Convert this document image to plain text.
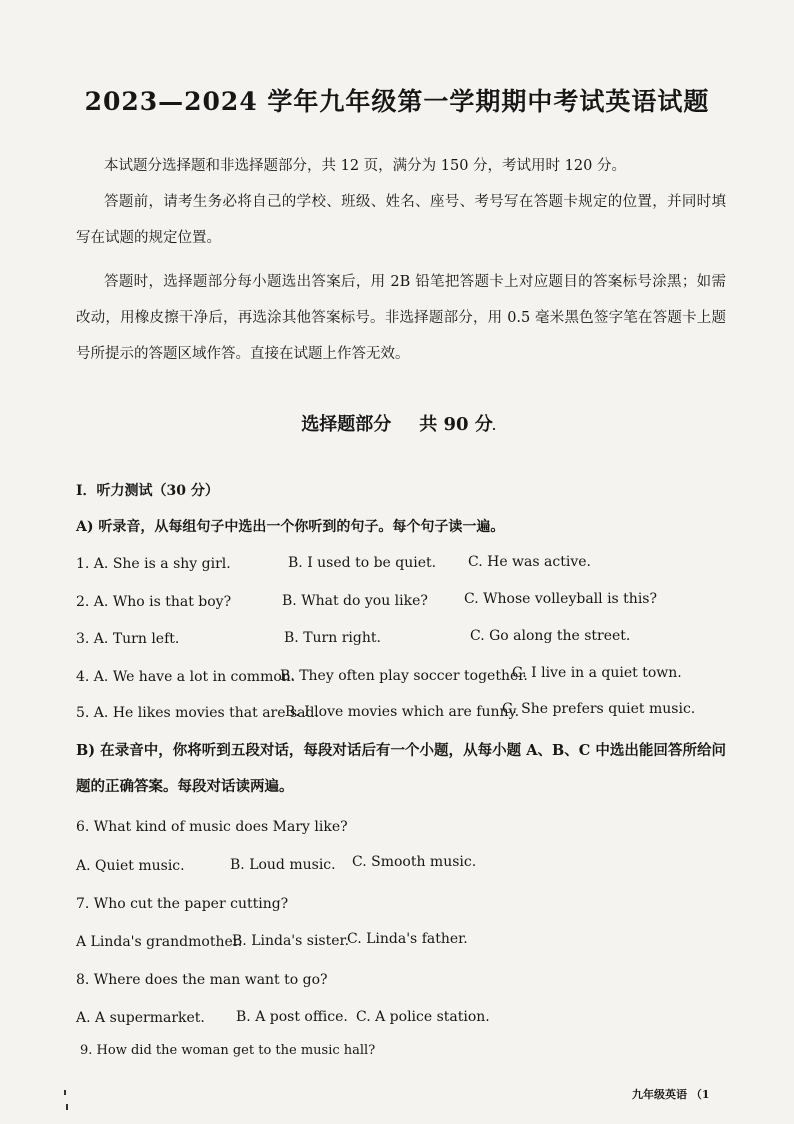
2023—2024 学年九年级第一学期期中考试英语试题

本试题分选择题和非选择题部分，共 12 页，满分为 150 分，考试用时 120 分。

答题前，请考生务必将自己的学校、班级、姓名、座号、考号写在答题卡规定的位置，并同时填写在试题的规定位置。

答题时，选择题部分每小题选出答案后，用 2B 铅笔把答题卡上对应题目的答案标号涂黑；如需改动，用橡皮擦干净后，再选涂其他答案标号。非选择题部分，用 0.5 毫米黑色签字笔在答题卡上题号所提示的答题区域作答。直接在试题上作答无效。

选择题部分 共 90 分

I．听力测试（30 分）

A) 听录音，从每组句子中选出一个你听到的句子。每个句子读一遍。

1. A. She is a shy girl.	B. I used to be quiet. C. He was active.
2. A. Who is that boy?	B. What do you like?	C. Whose volleyball is this?
3. A. Turn left.	B. Turn right.	C. Go along the street.
4. A. We have a lot in common.
B. They often play soccer together.
C. I live in a quiet town.
5. A. He likes movies that are sad.
B. I love movies which are funny.
C. She prefers quiet music.

B) 在录音中，你将听到五段对话，每段对话后有一个小题，从每小题 A、B、C 中选出能回答所给问题的正确答案。每段对话读两遍。

6. What kind of music does Mary like?

A. Quiet music.	B. Loud music. C. Smooth music.

7. Who cut the paper cutting?

A Linda's grandmother.
B. Linda's sister.
C. Linda's father.

8. Where does the man want to go?

A. A supermarket. B. A post office. C. A police station.

9. How did the woman get to the music hall?

九年级英语 （1
